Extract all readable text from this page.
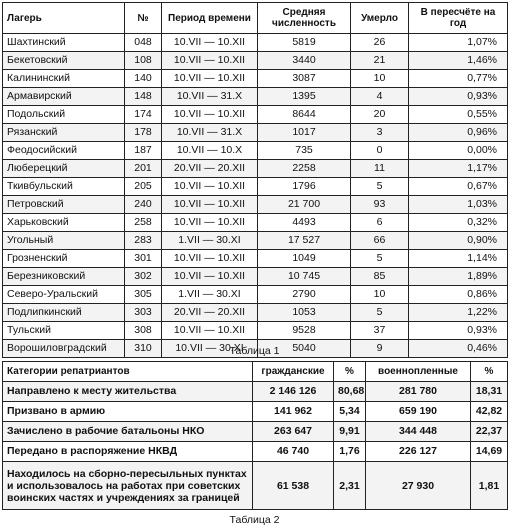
Лагерь	№	Период времени	Средняя численность	Умерло	В пересчёте на год
Шахтинский	048	10.VII — 10.XII	5819	26	1,07%
Бекетовский	108	10.VII — 10.XII	3440	21	1,46%
Калининский	140	10.VII — 10.XII	3087	10	0,77%
Армавирский	148	10.VII — 31.X	1395	4	0,93%
Подольский	174	10.VII — 10.XII	8644	20	0,55%
Рязанский	178	10.VII — 31.X	1017	3	0,96%
Феодосийский	187	10.VII — 10.X	735	0	0,00%
Люберецкий	201	20.VII — 20.XII	2258	11	1,17%
Ткивбульский	205	10.VII — 10.XII	1796	5	0,67%
Петровский	240	10.VII — 10.XII	21 700	93	1,03%
Харьковский	258	10.VII — 10.XII	4493	6	0,32%
Угольный	283	1.VII — 30.XI	17 527	66	0,90%
Грозненский	301	10.VII — 10.XII	1049	5	1,14%
Березниковский	302	10.VII — 10.XII	10 745	85	1,89%
Северо-Уральский	305	1.VII — 30.XI	2790	10	0,86%
Подлипкинский	303	20.VII — 20.XII	1053	5	1,22%
Тульский	308	10.VII — 10.XII	9528	37	0,93%
Ворошиловградский	310	10.VII — 30.XI	5040	9	0,46%
Таблица 1
Категории репатриантов	гражданские	%	военнопленные	%
Направлено к месту жительства	2 146 126	80,68	281 780	18,31
Призвано в армию	141 962	5,34	659 190	42,82
Зачислено в рабочие батальоны НКО	263 647	9,91	344 448	22,37
Передано в распоряжение НКВД	46 740	1,76	226 127	14,69
Находилось на сборно-пересыльных пунктах и использовалось на работах при советских воинских частях и учреждениях за границей	61 538	2,31	27 930	1,81
Таблица 2
